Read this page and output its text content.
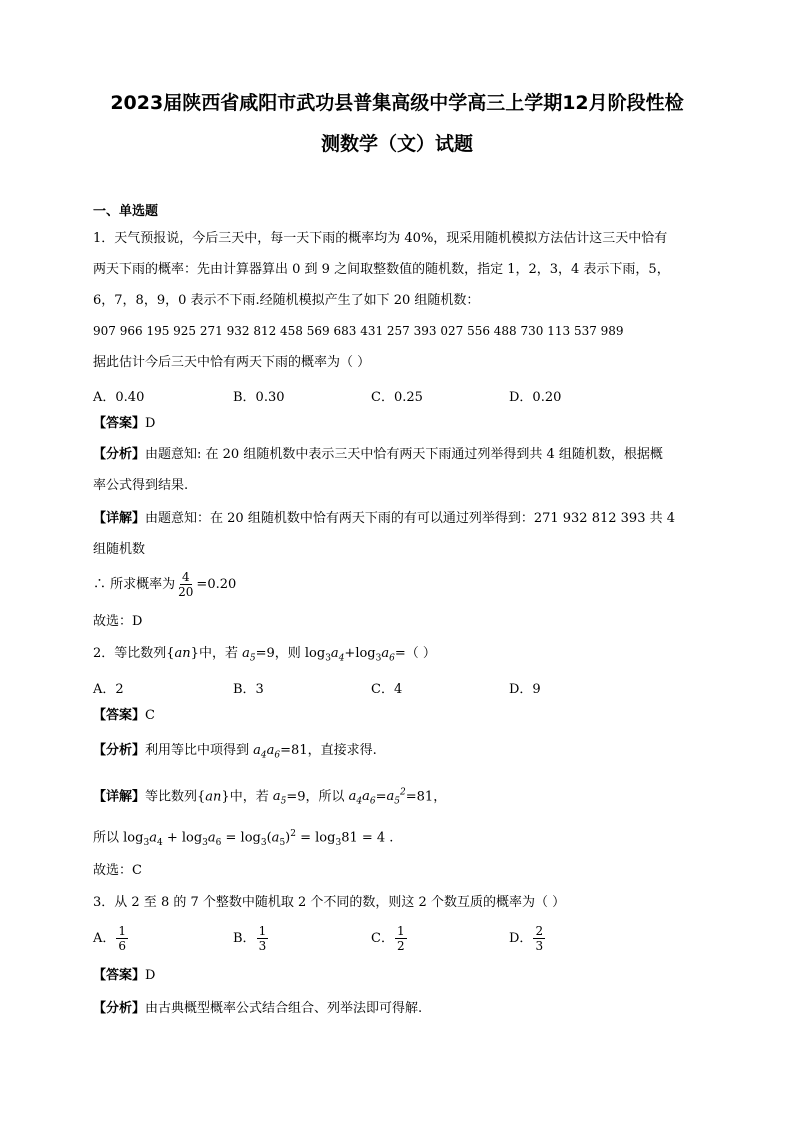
2023届陕西省咸阳市武功县普集高级中学高三上学期12月阶段性检
测数学（文）试题
一、单选题
1．天气预报说，今后三天中，每一天下雨的概率均为 40%，现采用随机模拟方法估计这三天中恰有
两天下雨的概率：先由计算器算出 0 到 9 之间取整数值的随机数，指定 1，2，3，4 表示下雨，5，
6，7，8，9，0 表示不下雨.经随机模拟产生了如下 20 组随机数：
907 966 195 925 271 932 812 458 569 683 431 257 393 027 556 488 730 113 537 989
据此估计今后三天中恰有两天下雨的概率为（ ）
A．0.40	B．0.30	C．0.25	D．0.20
【答案】D
【分析】由题意知: 在 20 组随机数中表示三天中恰有两天下雨通过列举得到共 4 组随机数，根据概
率公式得到结果.
【详解】由题意知：在 20 组随机数中恰有两天下雨的有可以通过列举得到：271 932 812 393 共 4
组随机数
∴ 所求概率为 $\frac{4}{20} =0.20$
故选：D
2．等比数列{an}中，若 $a_5=9$，则 $\log_3a_4+\log_3a_6=$（ ）
A．2	B．3	C．4	D．9
【答案】C
【分析】利用等比中项得到 $a_4a_6=81$，直接求得.
【详解】等比数列{an}中，若 $a_5=9$，所以 $a_4a_6=a_5^2=81$，
所以 $\log_3a_4 + \log_3a_6 = \log_3(a_5)^2 = \log_381 = 4$ .
故选：C
3．从 2 至 8 的 7 个整数中随机取 2 个不同的数，则这 2 个数互质的概率为（ ）
A． $\frac{1}{6}$	B． $\frac{1}{3}$	C． $\frac{1}{2}$	D． $\frac{2}{3}$
【答案】D
【分析】由古典概型概率公式结合组合、列举法即可得解.
